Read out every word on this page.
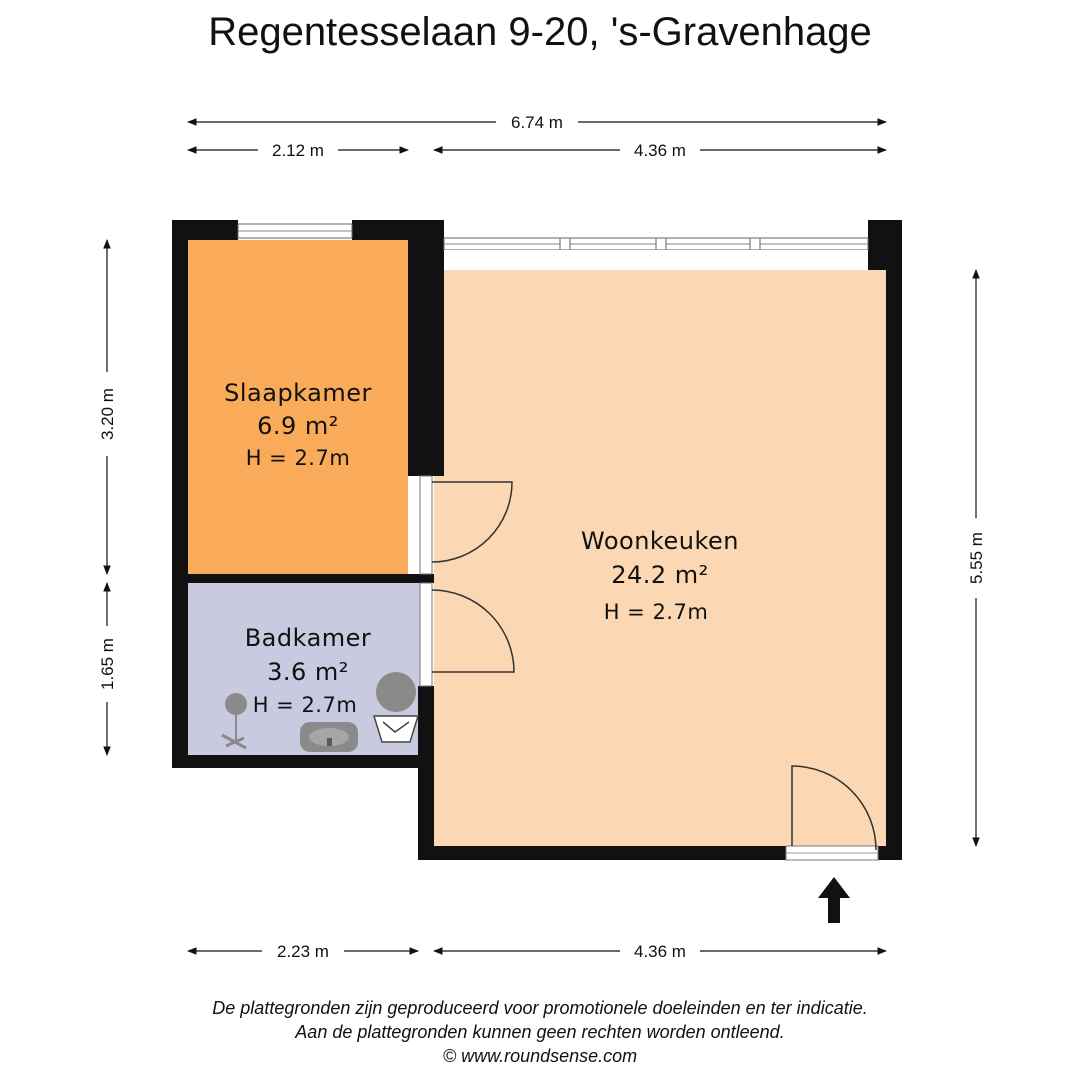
Regentesselaan 9-20, 's-Gravenhage
Slaapkamer
6.9 m²
H = 2.7m
Badkamer
3.6 m²
H = 2.7m
Woonkeuken
24.2 m²
H = 2.7m
6.74 m
2.12 m	4.36 m
2.23 m	4.36 m
3.20 m
1.65 m
5.55 m
De plattegronden zijn geproduceerd voor promotionele doeleinden en ter indicatie.
Aan de plattegronden kunnen geen rechten worden ontleend.
© www.roundsense.com
